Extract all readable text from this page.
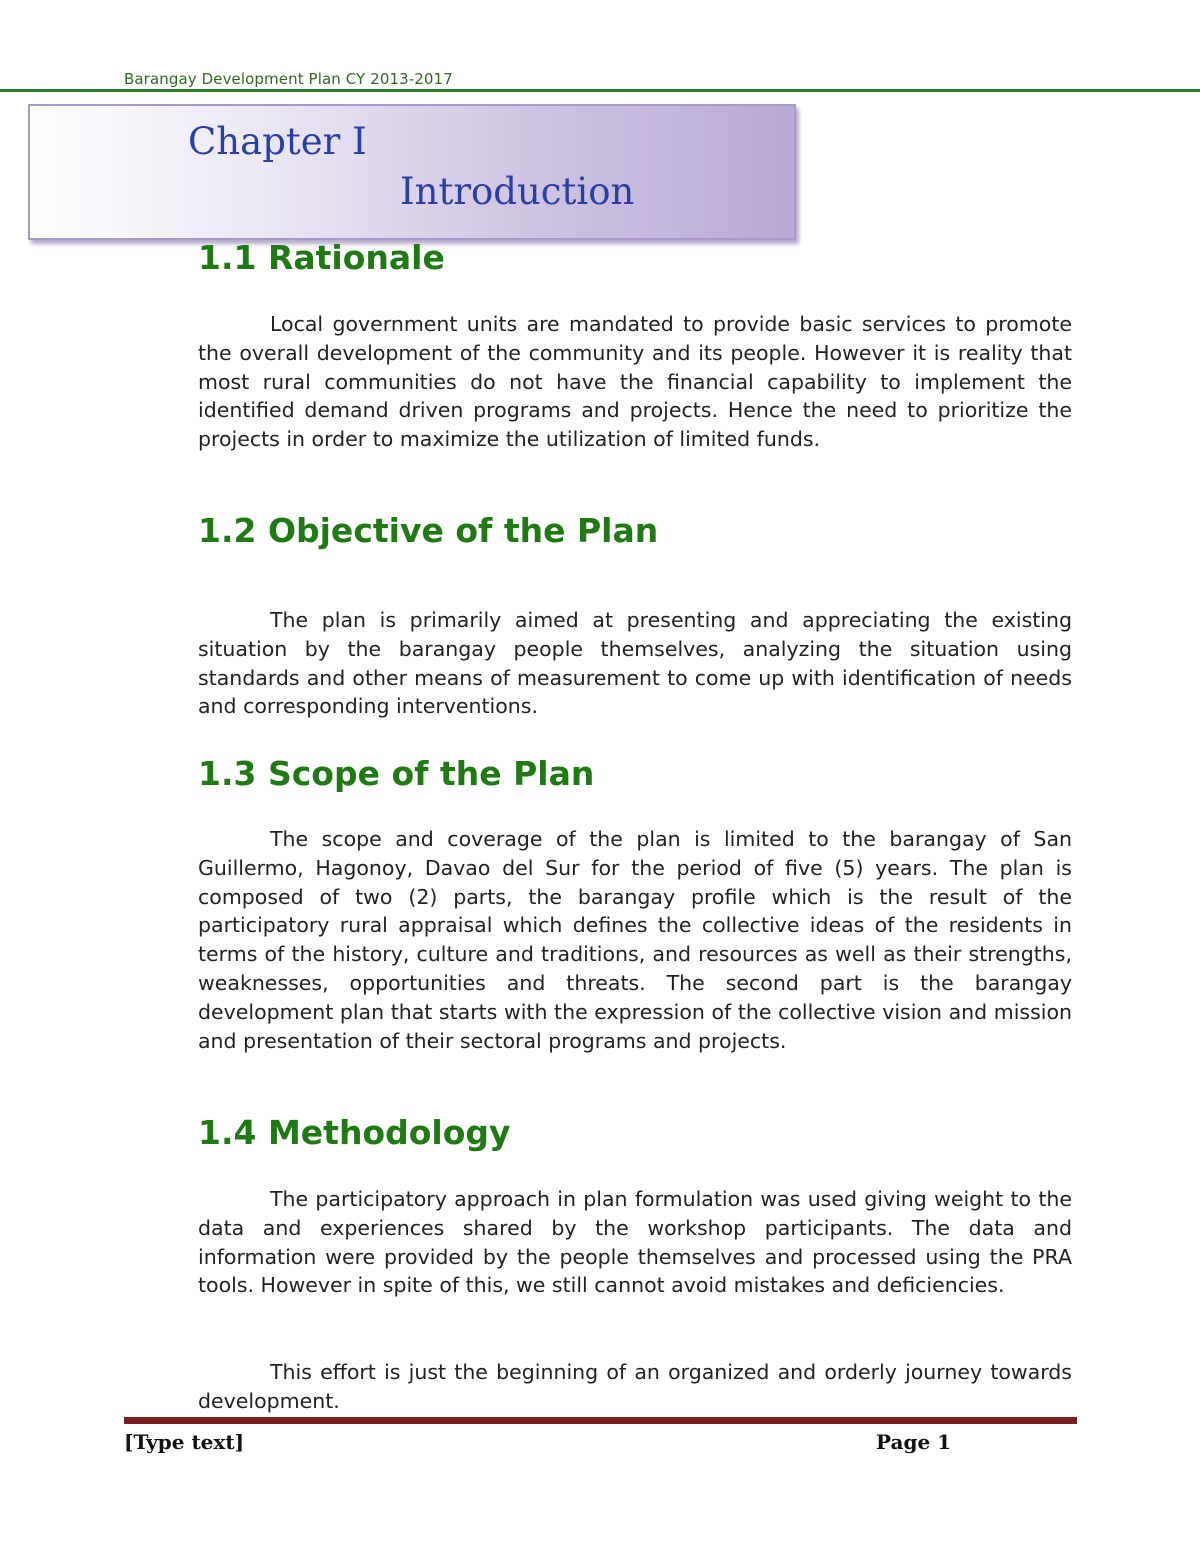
Barangay Development Plan CY 2013-2017
Chapter I
Introduction
1.1 Rationale

Local government units are mandated to provide basic services to promote the overall development of the community and its people. However it is reality that most rural communities do not have the financial capability to implement the identified demand driven programs and projects. Hence the need to prioritize the projects in order to maximize the utilization of limited funds.

1.2 Objective of the Plan

The plan is primarily aimed at presenting and appreciating the existing situation by the barangay people themselves, analyzing the situation using standards and other means of measurement to come up with identification of needs and corresponding interventions.

1.3 Scope of the Plan

The scope and coverage of the plan is limited to the barangay of San Guillermo, Hagonoy, Davao del Sur for the period of five (5) years. The plan is composed of two (2) parts, the barangay profile which is the result of the participatory rural appraisal which defines the collective ideas of the residents in terms of the history, culture and traditions, and resources as well as their strengths, weaknesses, opportunities and threats. The second part is the barangay development plan that starts with the expression of the collective vision and mission and presentation of their sectoral programs and projects.

1.4 Methodology

The participatory approach in plan formulation was used giving weight to the data and experiences shared by the workshop participants. The data and information were provided by the people themselves and processed using the PRA tools. However in spite of this, we still cannot avoid mistakes and deficiencies.

This effort is just the beginning of an organized and orderly journey towards development.

[Type text]	Page 1
